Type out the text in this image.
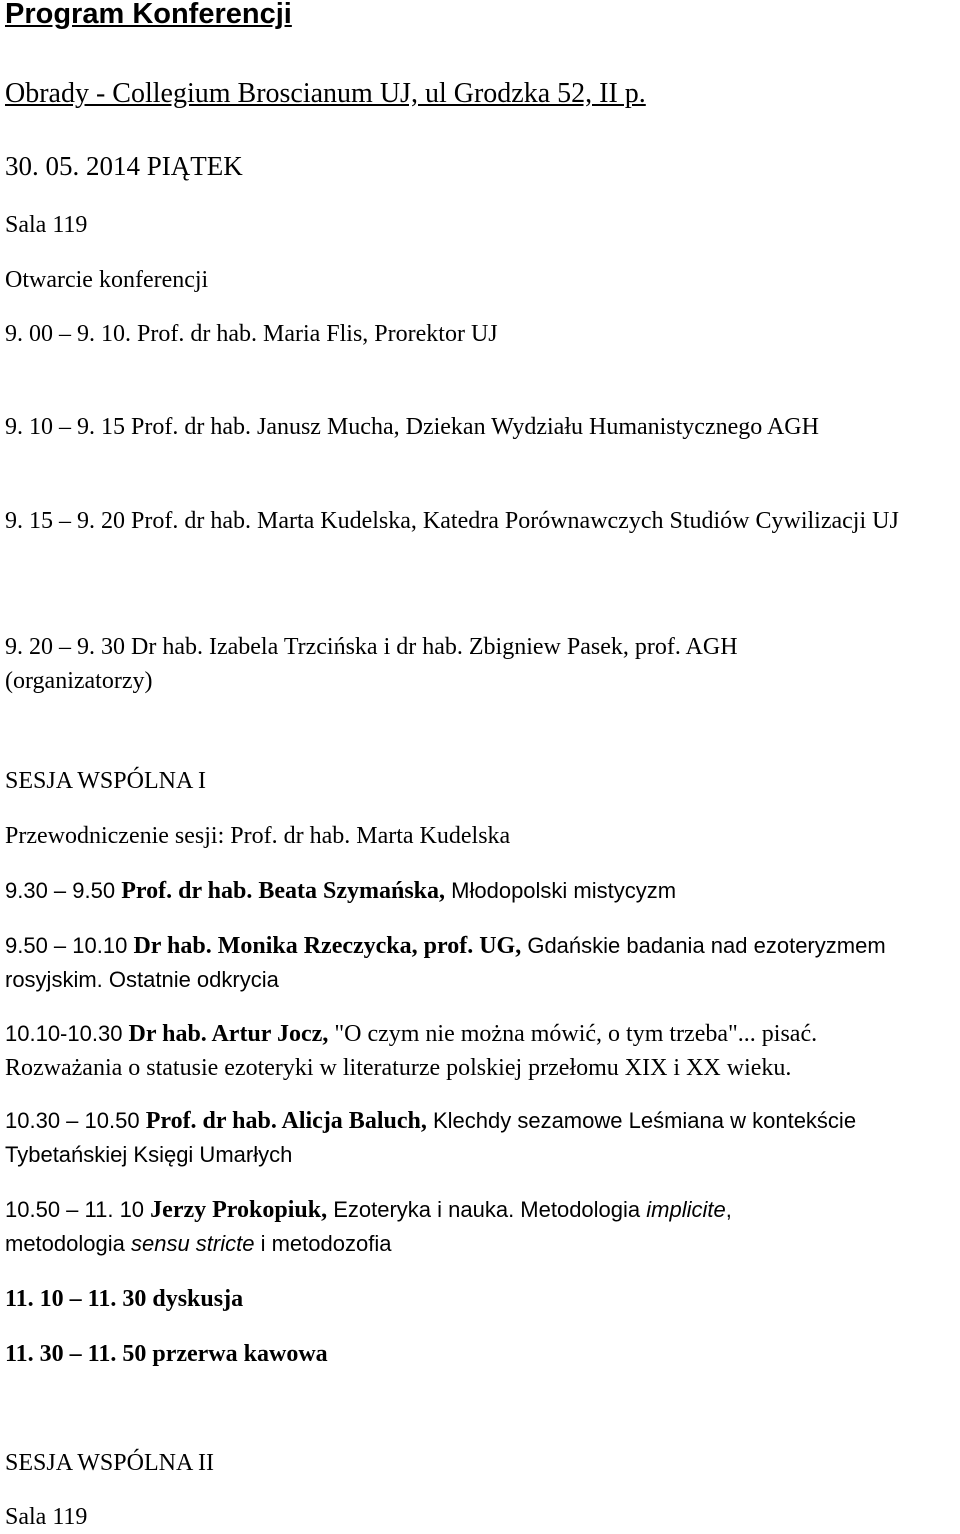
Program Konferencji
Obrady - Collegium Broscianum UJ, ul Grodzka 52, II p.
30. 05. 2014 PIĄTEK
Sala 119
Otwarcie konferencji
9. 00 – 9. 10. Prof. dr hab. Maria Flis, Prorektor UJ
9. 10 – 9. 15 Prof. dr hab. Janusz Mucha, Dziekan Wydziału Humanistycznego AGH
9. 15 – 9. 20 Prof. dr hab. Marta Kudelska, Katedra Porównawczych Studiów Cywilizacji UJ
9. 20 – 9. 30 Dr hab. Izabela Trzcińska i dr hab. Zbigniew Pasek, prof. AGH (organizatorzy)
SESJA WSPÓLNA I
Przewodniczenie sesji: Prof. dr hab. Marta Kudelska
9.30 – 9.50 Prof. dr hab. Beata Szymańska, Młodopolski mistycyzm
9.50 – 10.10 Dr hab. Monika Rzeczycka, prof. UG, Gdańskie badania nad ezoteryzmem rosyjskim. Ostatnie odkrycia
10.10-10.30 Dr hab. Artur Jocz, "O czym nie można mówić, o tym trzeba"... pisać. Rozważania o statusie ezoteryki w literaturze polskiej przełomu XIX i XX wieku.
10.30 – 10.50 Prof. dr hab. Alicja Baluch, Klechdy sezamowe Leśmiana w kontekście Tybetańskiej Księgi Umarłych
10.50 – 11. 10 Jerzy Prokopiuk, Ezoteryka i nauka. Metodologia implicite, metodologia sensu stricte i metodozofia
11. 10 – 11. 30 dyskusja
11. 30 – 11. 50 przerwa kawowa
SESJA WSPÓLNA II
Sala 119
